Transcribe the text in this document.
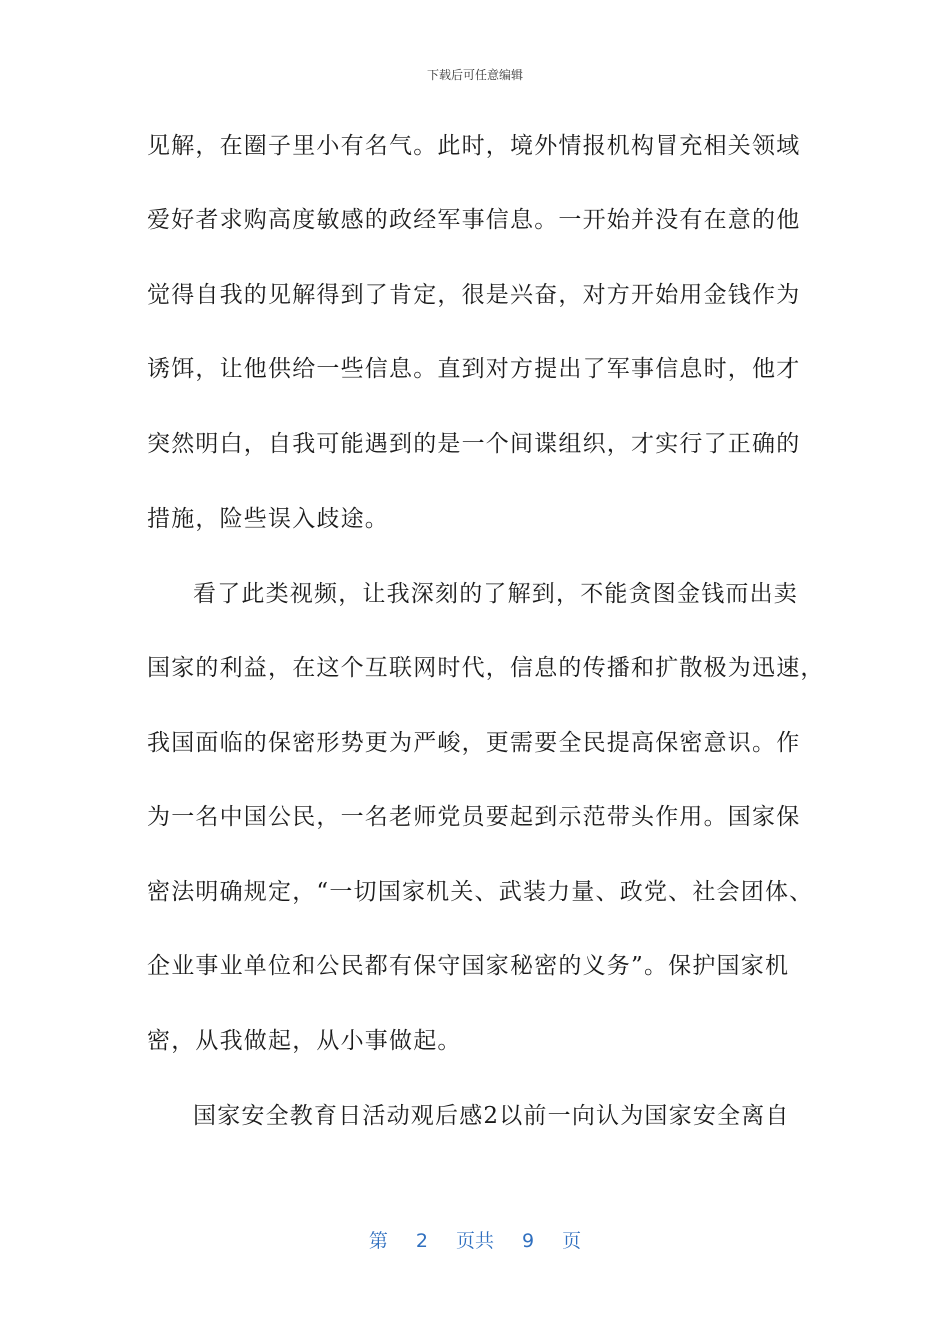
下载后可任意编辑
见解，在圈子里小有名气。此时，境外情报机构冒充相关领域
爱好者求购高度敏感的政经军事信息。一开始并没有在意的他
觉得自我的见解得到了肯定，很是兴奋，对方开始用金钱作为
诱饵，让他供给一些信息。直到对方提出了军事信息时，他才
突然明白，自我可能遇到的是一个间谍组织，才实行了正确的
措施，险些误入歧途。
看了此类视频，让我深刻的了解到，不能贪图金钱而出卖
国家的利益，在这个互联网时代，信息的传播和扩散极为迅速，
我国面临的保密形势更为严峻，更需要全民提高保密意识。作
为一名中国公民，一名老师党员要起到示范带头作用。国家保
密法明确规定，“一切国家机关、武装力量、政党、社会团体、
企业事业单位和公民都有保守国家秘密的义务”。保护国家机
密，从我做起，从小事做起。
国家安全教育日活动观后感2以前一向认为国家安全离自
第 2 页共 9 页
